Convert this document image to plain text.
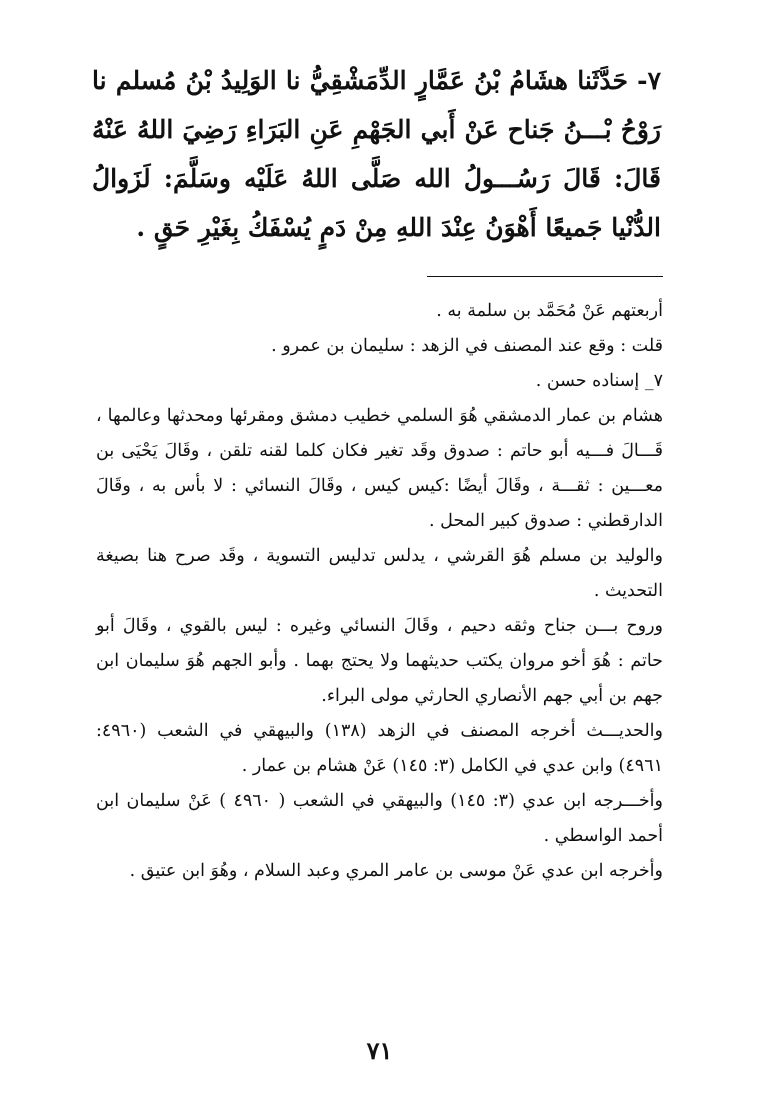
٧- حَدَّثَنا هشَامُ بْنُ عَمَّارٍ الدِّمَشْقِيُّ نا الوَلِيدُ بْنُ مُسلم نا رَوْحُ بْـــنُ جَناح عَنْ أَبي الجَهْمِ عَنِ البَرَاءِ رَضِيَ اللهُ عَنْهُ قَالَ: قَالَ رَسُـــولُ الله صَلَّى اللهُ عَلَيْه وسَلَّمَ: لَزَوالُ الدُّنْيا جَميعًا أَهْوَنُ عِنْدَ اللهِ مِنْ دَمٍ يُسْفَكُ بِغَيْرِ حَقٍ .

أربعتهم عَنْ مُحَمَّد بن سلمة به .

قلت : وقع عند المصنف في الزهد : سليمان بن عمرو .

٧_ إسناده حسن .

هشام بن عمار الدمشقي هُوَ السلمي خطيب دمشق ومقرئها ومحدثها وعالمها ، قَـــالَ فـــيه أبو حاتم : صدوق وقَد تغير فكان كلما لقنه تلقن ، وقَالَ يَحْيَى بن معـــين : ثقـــة ، وقَالَ أيضًا :كيس كيس ، وقَالَ النسائي : لا بأس به ، وقَالَ الدارقطني : صدوق كبير المحل .

والوليد بن مسلم هُوَ القرشي ، يدلس تدليس التسوية ، وقَد صرح هنا بصيغة التحديث .

وروح بـــن جناح وثقه دحيم ، وقَالَ النسائي وغيره : ليس بالقوي ، وقَالَ أبو حاتم : هُوَ أخو مروان يكتب حديثهما ولا يحتج بهما . وأبو الجهم هُوَ سليمان ابن جهم بن أبي جهم الأنصاري الحارثي مولى البراء.

والحديـــث أخرجه المصنف في الزهد (١٣٨) والبيهقي في الشعب (٤٩٦٠: ٤٩٦١) وابن عدي في الكامل (٣: ١٤٥) عَنْ هشام بن عمار .

وأخـــرجه ابن عدي (٣: ١٤٥) والبيهقي في الشعب ( ٤٩٦٠ ) عَنْ سليمان ابن أحمد الواسطي .

وأخرجه ابن عدي عَنْ موسى بن عامر المري وعبد السلام ، وهُوَ ابن عتيق .

٧١
